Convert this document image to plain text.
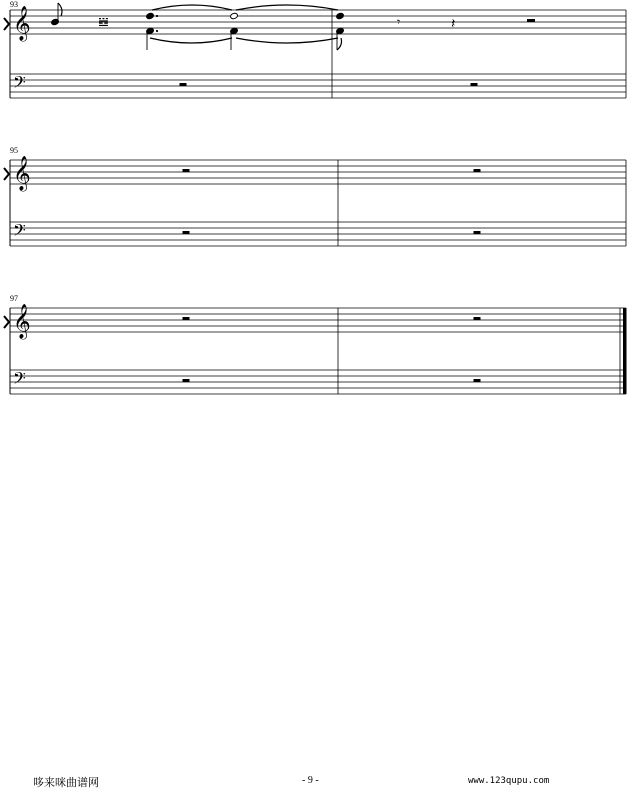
𝄞
𝄢
𝄞
𝄢
𝄞
𝄢
𝌿	𝄾	𝄽
93
95
97
哆来咪曲谱网	- 9 -	www.123qupu.com
